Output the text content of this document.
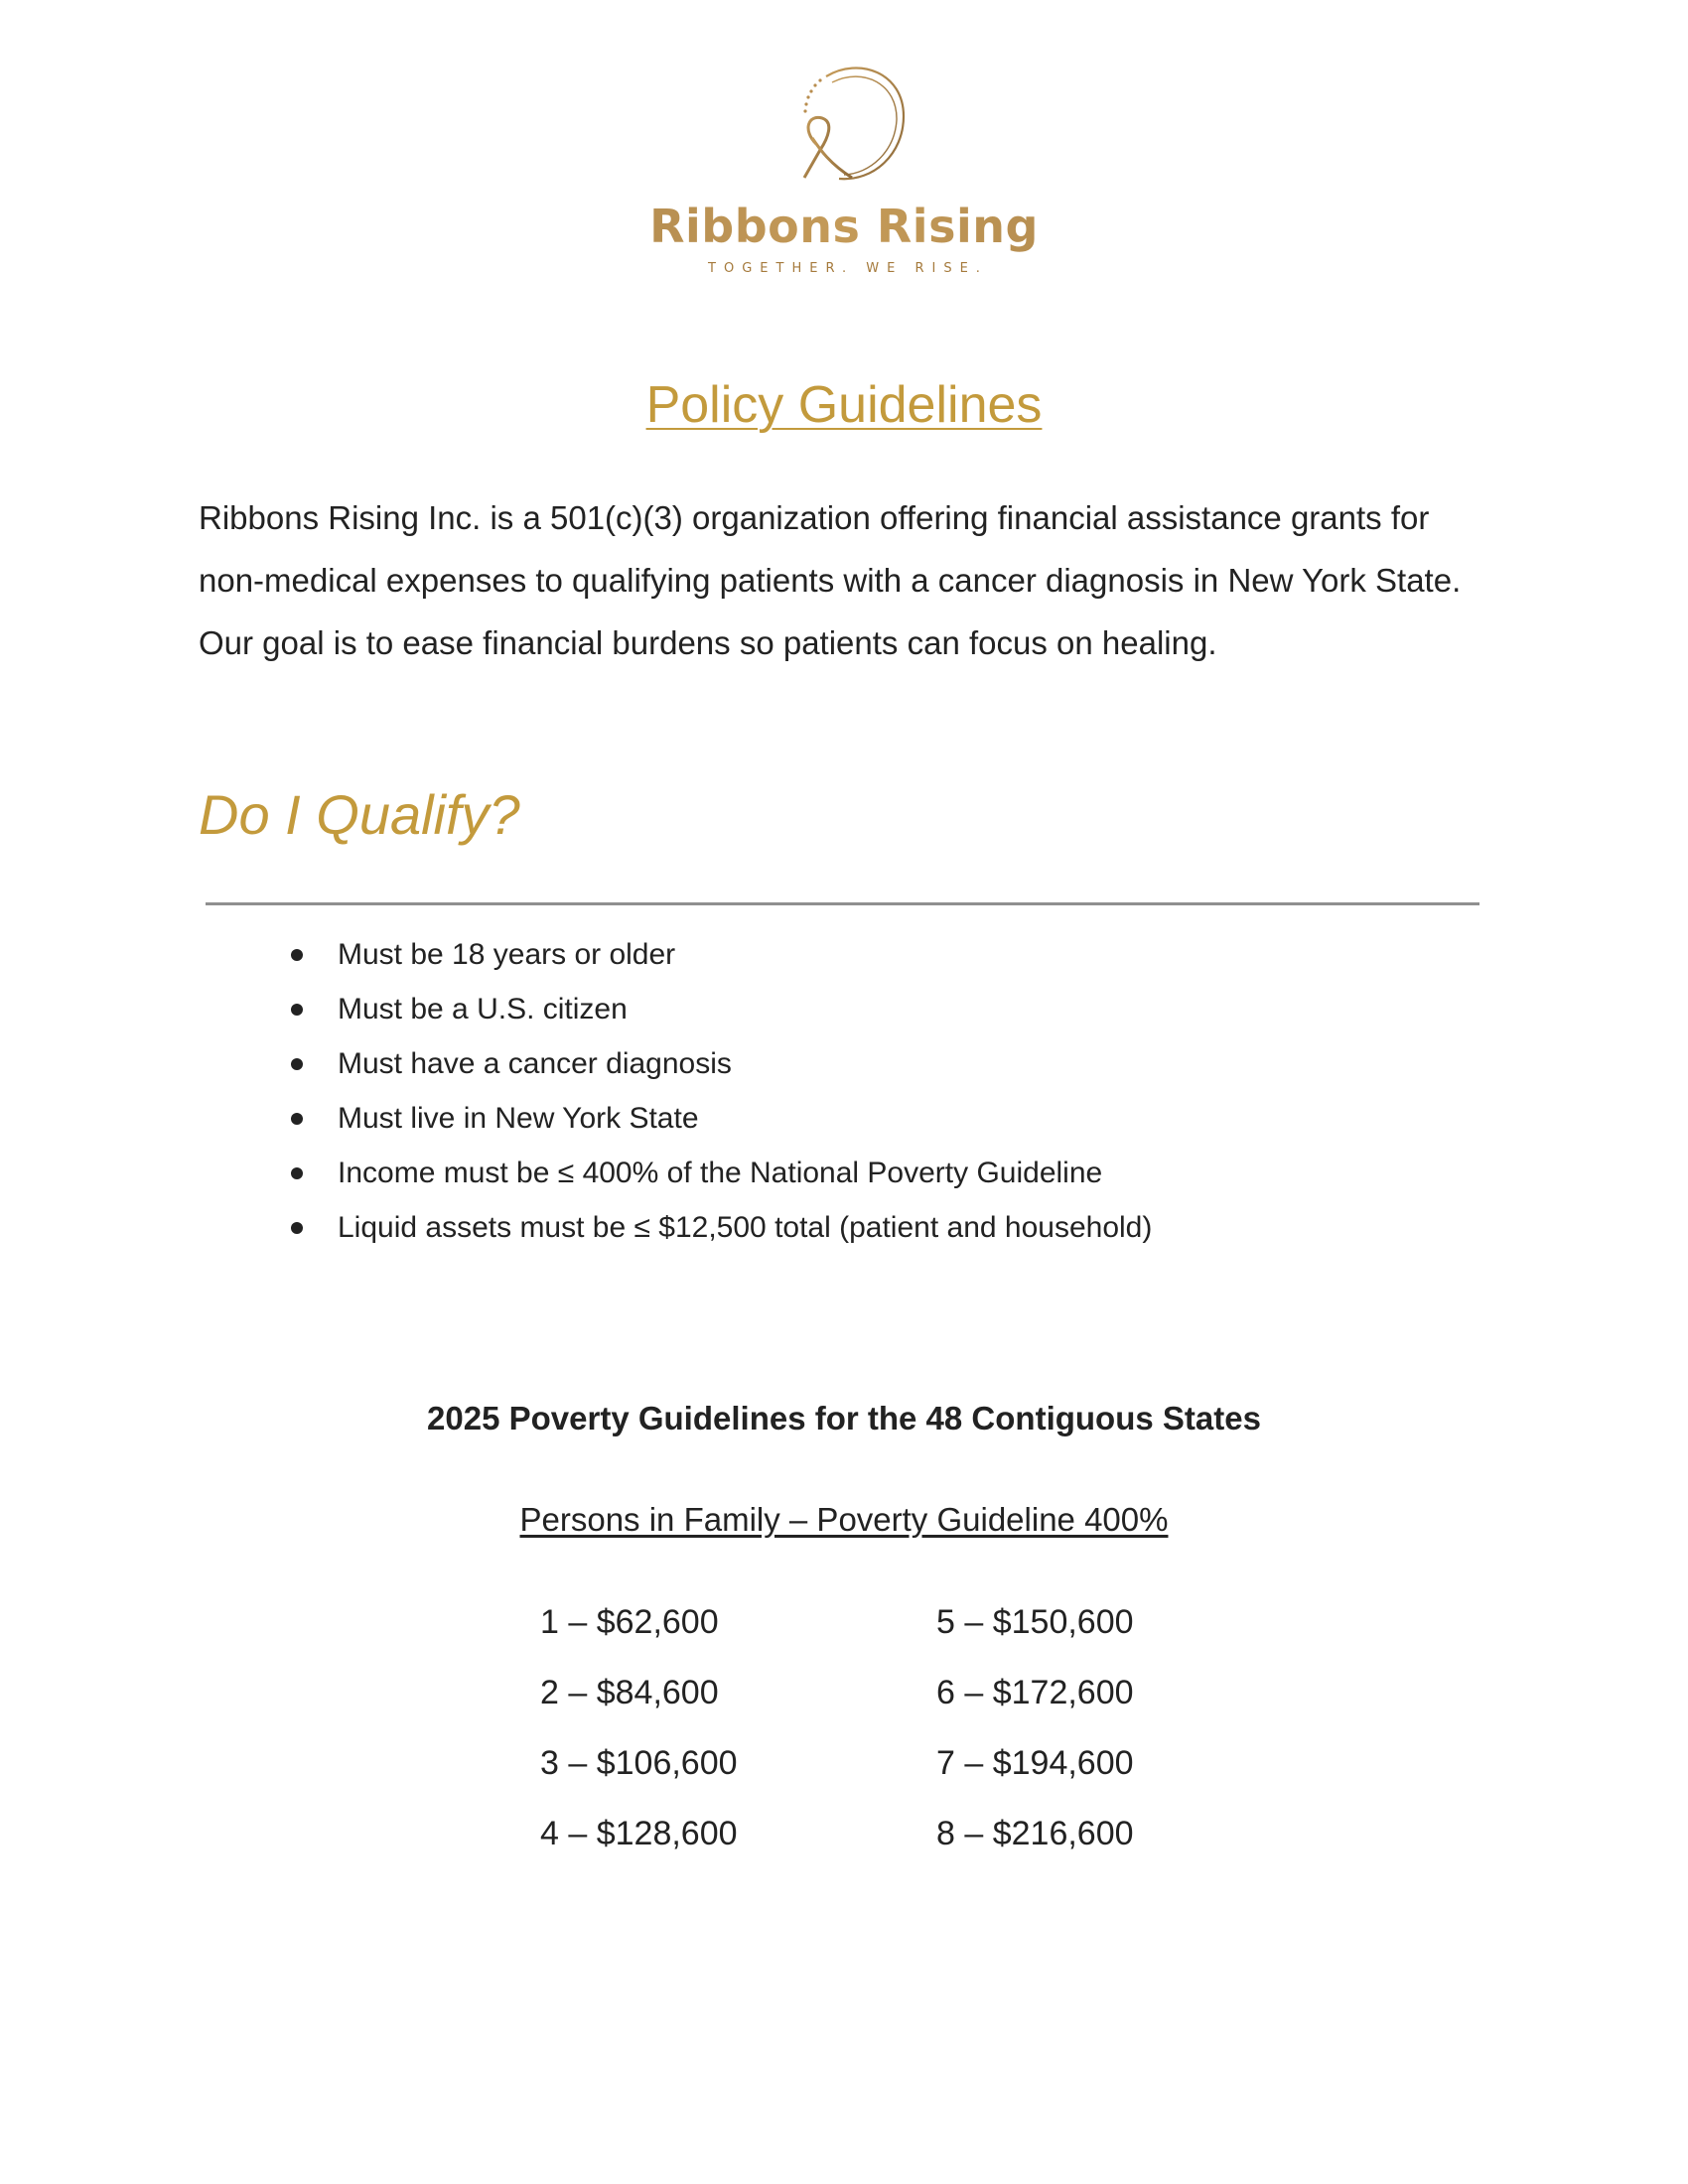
Ribbons Rising
TOGETHER. WE RISE.
Policy Guidelines

Ribbons Rising Inc. is a 501(c)(3) organization offering financial assistance grants for non-medical expenses to qualifying patients with a cancer diagnosis in New York State. Our goal is to ease financial burdens so patients can focus on healing.

Do I Qualify?
Must be 18 years or older
Must be a U.S. citizen
Must have a cancer diagnosis
Must live in New York State
Income must be ≤ 400% of the National Poverty Guideline
Liquid assets must be ≤ $12,500 total (patient and household)
2025 Poverty Guidelines for the 48 Contiguous States

Persons in Family – Poverty Guideline 400%

1 – $62,600
2 – $84,600
3 – $106,600
4 – $128,600
5 – $150,600
6 – $172,600
7 – $194,600
8 – $216,600
